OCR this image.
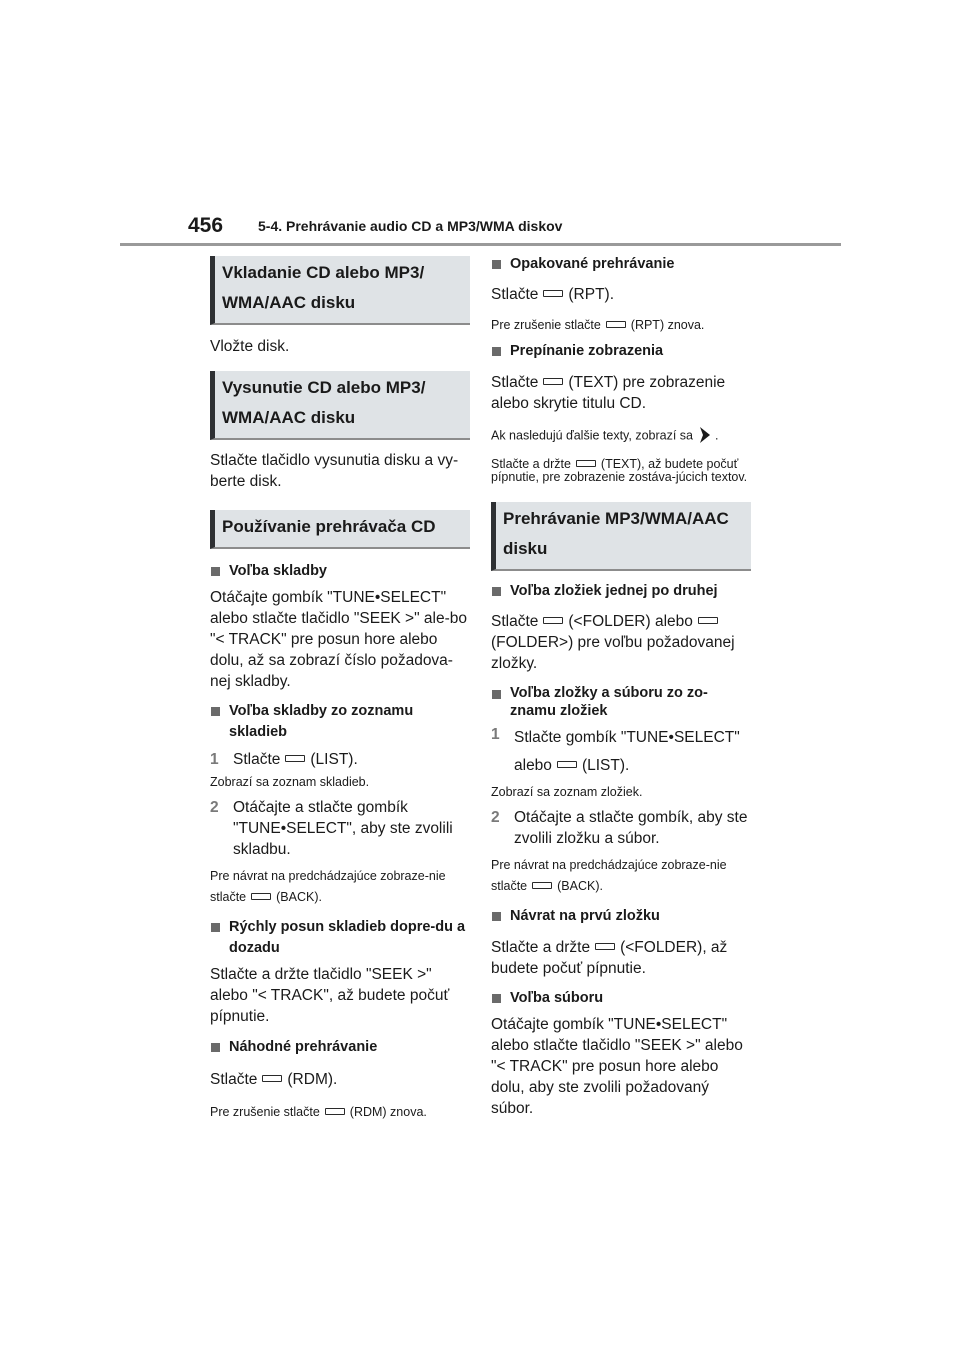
456 5-4. Prehrávanie audio CD a MP3/WMA diskov
Vkladanie CD alebo MP3/ WMA/AAC disku

Vložte disk.

Vysunutie CD alebo MP3/ WMA/AAC disku

Stlačte tlačidlo vysunutia disku a vy-berte disk.

Používanie prehrávača CD

Voľba skladby

Otáčajte gombík "TUNE•SELECT" alebo stlačte tlačidlo "SEEK >" ale-bo "< TRACK" pre posun hore alebo dolu, až sa zobrazí číslo požadova-nej skladby.

Voľba skladby zo zoznamu skladieb

1 Stlačte (LIST).

Zobrazí sa zoznam skladieb.

2 Otáčajte a stlačte gombík "TUNE•SELECT", aby ste zvolili skladbu.

Pre návrat na predchádzajúce zobraze-nie stlačte (BACK).

Rýchly posun skladieb dopre-du a dozadu

Stlačte a držte tlačidlo "SEEK >" alebo "< TRACK", až budete počuť pípnutie.

Náhodné prehrávanie

Stlačte (RDM).

Pre zrušenie stlačte (RDM) znova.

Opakované prehrávanie

Stlačte (RPT).

Pre zrušenie stlačte (RPT) znova.

Prepínanie zobrazenia

Stlačte (TEXT) pre zobrazenie alebo skrytie titulu CD.

Ak nasledujú ďalšie texty, zobrazí sa .

Stlačte a držte (TEXT), až budete počuť pípnutie, pre zobrazenie zostáva-júcich textov.

Prehrávanie MP3/WMA/AAC disku

Voľba zložiek jednej po druhej

Stlačte (<FOLDER) alebo(FOLDER>) pre voľbu požadovanej zložky.

Voľba zložky a súboru zo zo-znamu zložiek

1 Stlačte gombík "TUNE•SELECT" alebo (LIST).

Zobrazí sa zoznam zložiek.

2 Otáčajte a stlačte gombík, aby ste zvolili zložku a súbor.

Pre návrat na predchádzajúce zobraze-nie stlačte (BACK).

Návrat na prvú zložku

Stlačte a držte (<FOLDER), až budete počuť pípnutie.

Voľba súboru

Otáčajte gombík "TUNE•SELECT" alebo stlačte tlačidlo "SEEK >" alebo "< TRACK" pre posun hore alebo dolu, aby ste zvolili požadovaný súbor.
